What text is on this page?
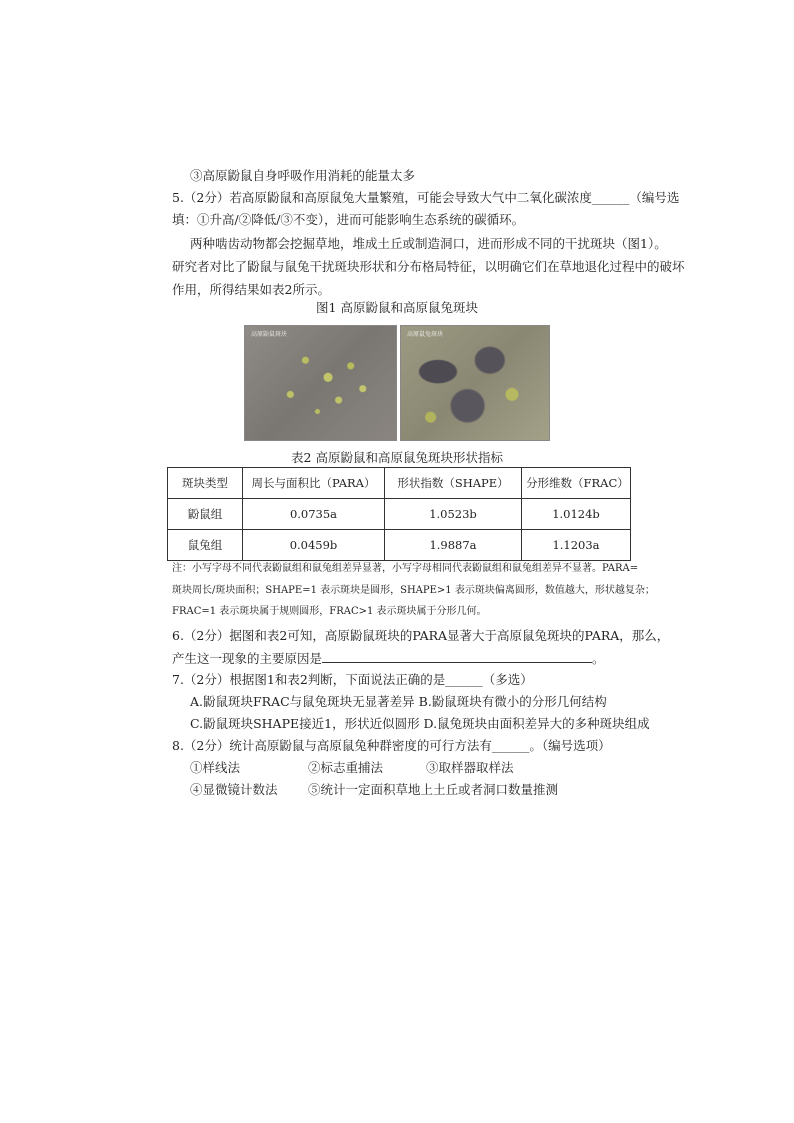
③高原鼢鼠自身呼吸作用消耗的能量太多
5.（2分）若高原鼢鼠和高原鼠兔大量繁殖，可能会导致大气中二氧化碳浓度______（编号选
填：①升高/②降低/③不变），进而可能影响生态系统的碳循环。
两种啮齿动物都会挖掘草地，堆成土丘或制造洞口，进而形成不同的干扰斑块（图1）。
研究者对比了鼢鼠与鼠兔干扰斑块形状和分布格局特征，以明确它们在草地退化过程中的破坏
作用，所得结果如表2所示。
图1 高原鼢鼠和高原鼠兔斑块
高原鼢鼠斑块	高原鼠兔斑块
表2 高原鼢鼠和高原鼠兔斑块形状指标
斑块类型	周长与面积比（PARA）	形状指数（SHAPE）	分形维数（FRAC）
鼢鼠组	0.0735a	1.0523b	1.0124b
鼠兔组	0.0459b	1.9887a	1.1203a
注：小写字母不同代表鼢鼠组和鼠兔组差异显著，小写字母相同代表鼢鼠组和鼠兔组差异不显著。PARA=
斑块周长/斑块面积；SHAPE=1 表示斑块是圆形，SHAPE>1 表示斑块偏离圆形，数值越大，形状越复杂；
FRAC=1 表示斑块属于规则圆形，FRAC>1 表示斑块属于分形几何。
6.（2分）据图和表2可知，高原鼢鼠斑块的PARA显著大于高原鼠兔斑块的PARA，那么，
产生这一现象的主要原因是	。
7.（2分）根据图1和表2判断，下面说法正确的是______（多选）
A.鼢鼠斑块FRAC与鼠兔斑块无显著差异 B.鼢鼠斑块有微小的分形几何结构
C.鼢鼠斑块SHAPE接近1，形状近似圆形 D.鼠兔斑块由面积差异大的多种斑块组成
8.（2分）统计高原鼢鼠与高原鼠兔种群密度的可行方法有______。（编号选项）
①样线法	②标志重捕法	③取样器取样法
④显微镜计数法 ⑤统计一定面积草地上土丘或者洞口数量推测
